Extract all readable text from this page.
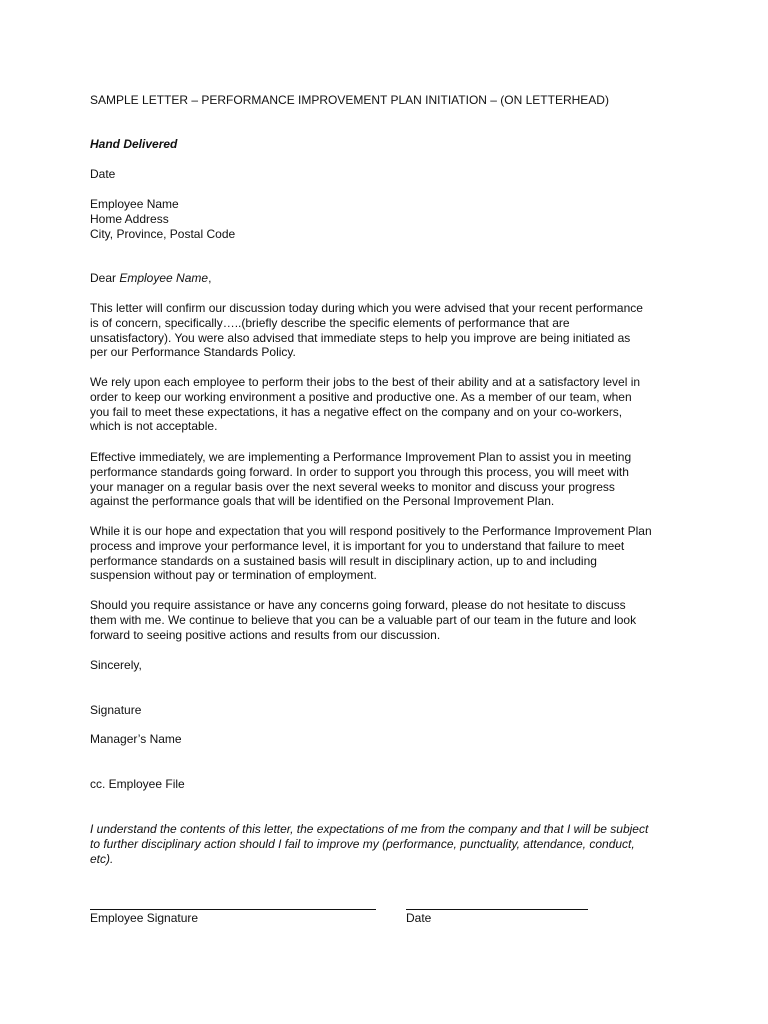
SAMPLE LETTER – PERFORMANCE IMPROVEMENT PLAN INITIATION – (ON LETTERHEAD)
Hand Delivered
Date
Employee Name
Home Address
City, Province, Postal Code
Dear Employee Name,
This letter will confirm our discussion today during which you were advised that your recent performance
is of concern, specifically…..(briefly describe the specific elements of performance that are
unsatisfactory). You were also advised that immediate steps to help you improve are being initiated as
per our Performance Standards Policy.
We rely upon each employee to perform their jobs to the best of their ability and at a satisfactory level in
order to keep our working environment a positive and productive one. As a member of our team, when
you fail to meet these expectations, it has a negative effect on the company and on your co-workers,
which is not acceptable.
Effective immediately, we are implementing a Performance Improvement Plan to assist you in meeting
performance standards going forward. In order to support you through this process, you will meet with
your manager on a regular basis over the next several weeks to monitor and discuss your progress
against the performance goals that will be identified on the Personal Improvement Plan.
While it is our hope and expectation that you will respond positively to the Performance Improvement Plan
process and improve your performance level, it is important for you to understand that failure to meet
performance standards on a sustained basis will result in disciplinary action, up to and including
suspension without pay or termination of employment.
Should you require assistance or have any concerns going forward, please do not hesitate to discuss
them with me. We continue to believe that you can be a valuable part of our team in the future and look
forward to seeing positive actions and results from our discussion.
Sincerely,
Signature
Manager’s Name
cc. Employee File
I understand the contents of this letter, the expectations of me from the company and that I will be subject
to further disciplinary action should I fail to improve my (performance, punctuality, attendance, conduct,
etc).
Employee Signature	Date
